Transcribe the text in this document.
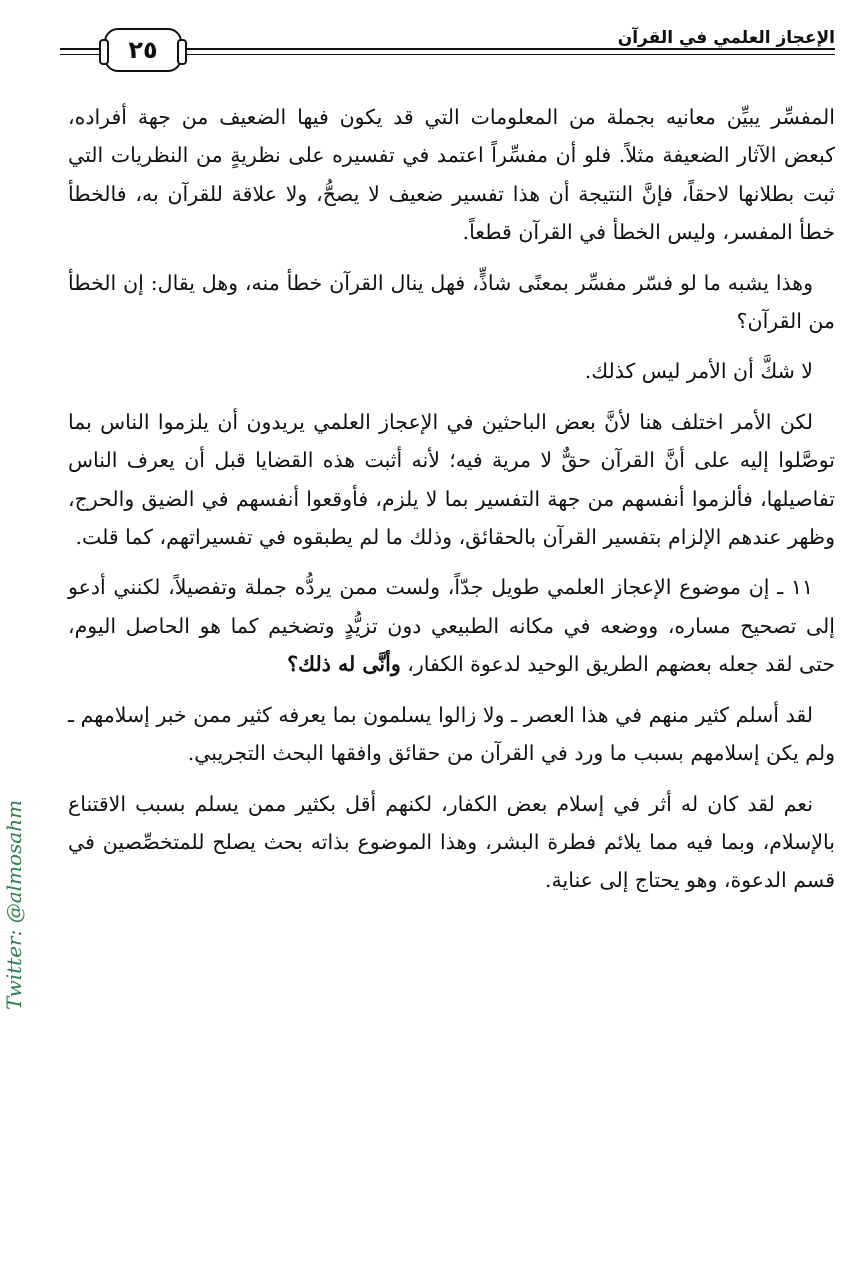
٢٥	الإعجاز العلمي في القرآن

المفسِّر يبيِّن معانيه بجملة من المعلومات التي قد يكون فيها الضعيف من جهة أفراده، كبعض الآثار الضعيفة مثلاً. فلو أن مفسِّراً اعتمد في تفسيره على نظريةٍ من النظريات التي ثبت بطلانها لاحقاً، فإنَّ النتيجة أن هذا تفسير ضعيف لا يصحُّ، ولا علاقة للقرآن به، فالخطأ خطأ المفسر، وليس الخطأ في القرآن قطعاً.

وهذا يشبه ما لو فسّر مفسِّر بمعنًى شاذٍّ، فهل ينال القرآن خطأ منه، وهل يقال: إن الخطأ من القرآن؟

لا شكَّ أن الأمر ليس كذلك.

لكن الأمر اختلف هنا لأنَّ بعض الباحثين في الإعجاز العلمي يريدون أن يلزموا الناس بما توصَّلوا إليه على أنَّ القرآن حقٌّ لا مرية فيه؛ لأنه أثبت هذه القضايا قبل أن يعرف الناس تفاصيلها، فألزموا أنفسهم من جهة التفسير بما لا يلزم، فأوقعوا أنفسهم في الضيق والحرج، وظهر عندهم الإلزام بتفسير القرآن بالحقائق، وذلك ما لم يطبقوه في تفسيراتهم، كما قلت.

١١ ـ إن موضوع الإعجاز العلمي طويل جدّاً، ولست ممن يردُّه جملة وتفصيلاً، لكنني أدعو إلى تصحيح مساره، ووضعه في مكانه الطبيعي دون تزيُّدٍ وتضخيم كما هو الحاصل اليوم، حتى لقد جعله بعضهم الطريق الوحيد لدعوة الكفار، وأنَّى له ذلك؟

لقد أسلم كثير منهم في هذا العصر ـ ولا زالوا يسلمون بما يعرفه كثير ممن خبر إسلامهم ـ ولم يكن إسلامهم بسبب ما ورد في القرآن من حقائق وافقها البحث التجريبي.

نعم لقد كان له أثر في إسلام بعض الكفار، لكنهم أقل بكثير ممن يسلم بسبب الاقتناع بالإسلام، وبما فيه مما يلائم فطرة البشر، وهذا الموضوع بذاته بحث يصلح للمتخصِّصين في قسم الدعوة، وهو يحتاج إلى عناية.

Twitter: @almosahm
